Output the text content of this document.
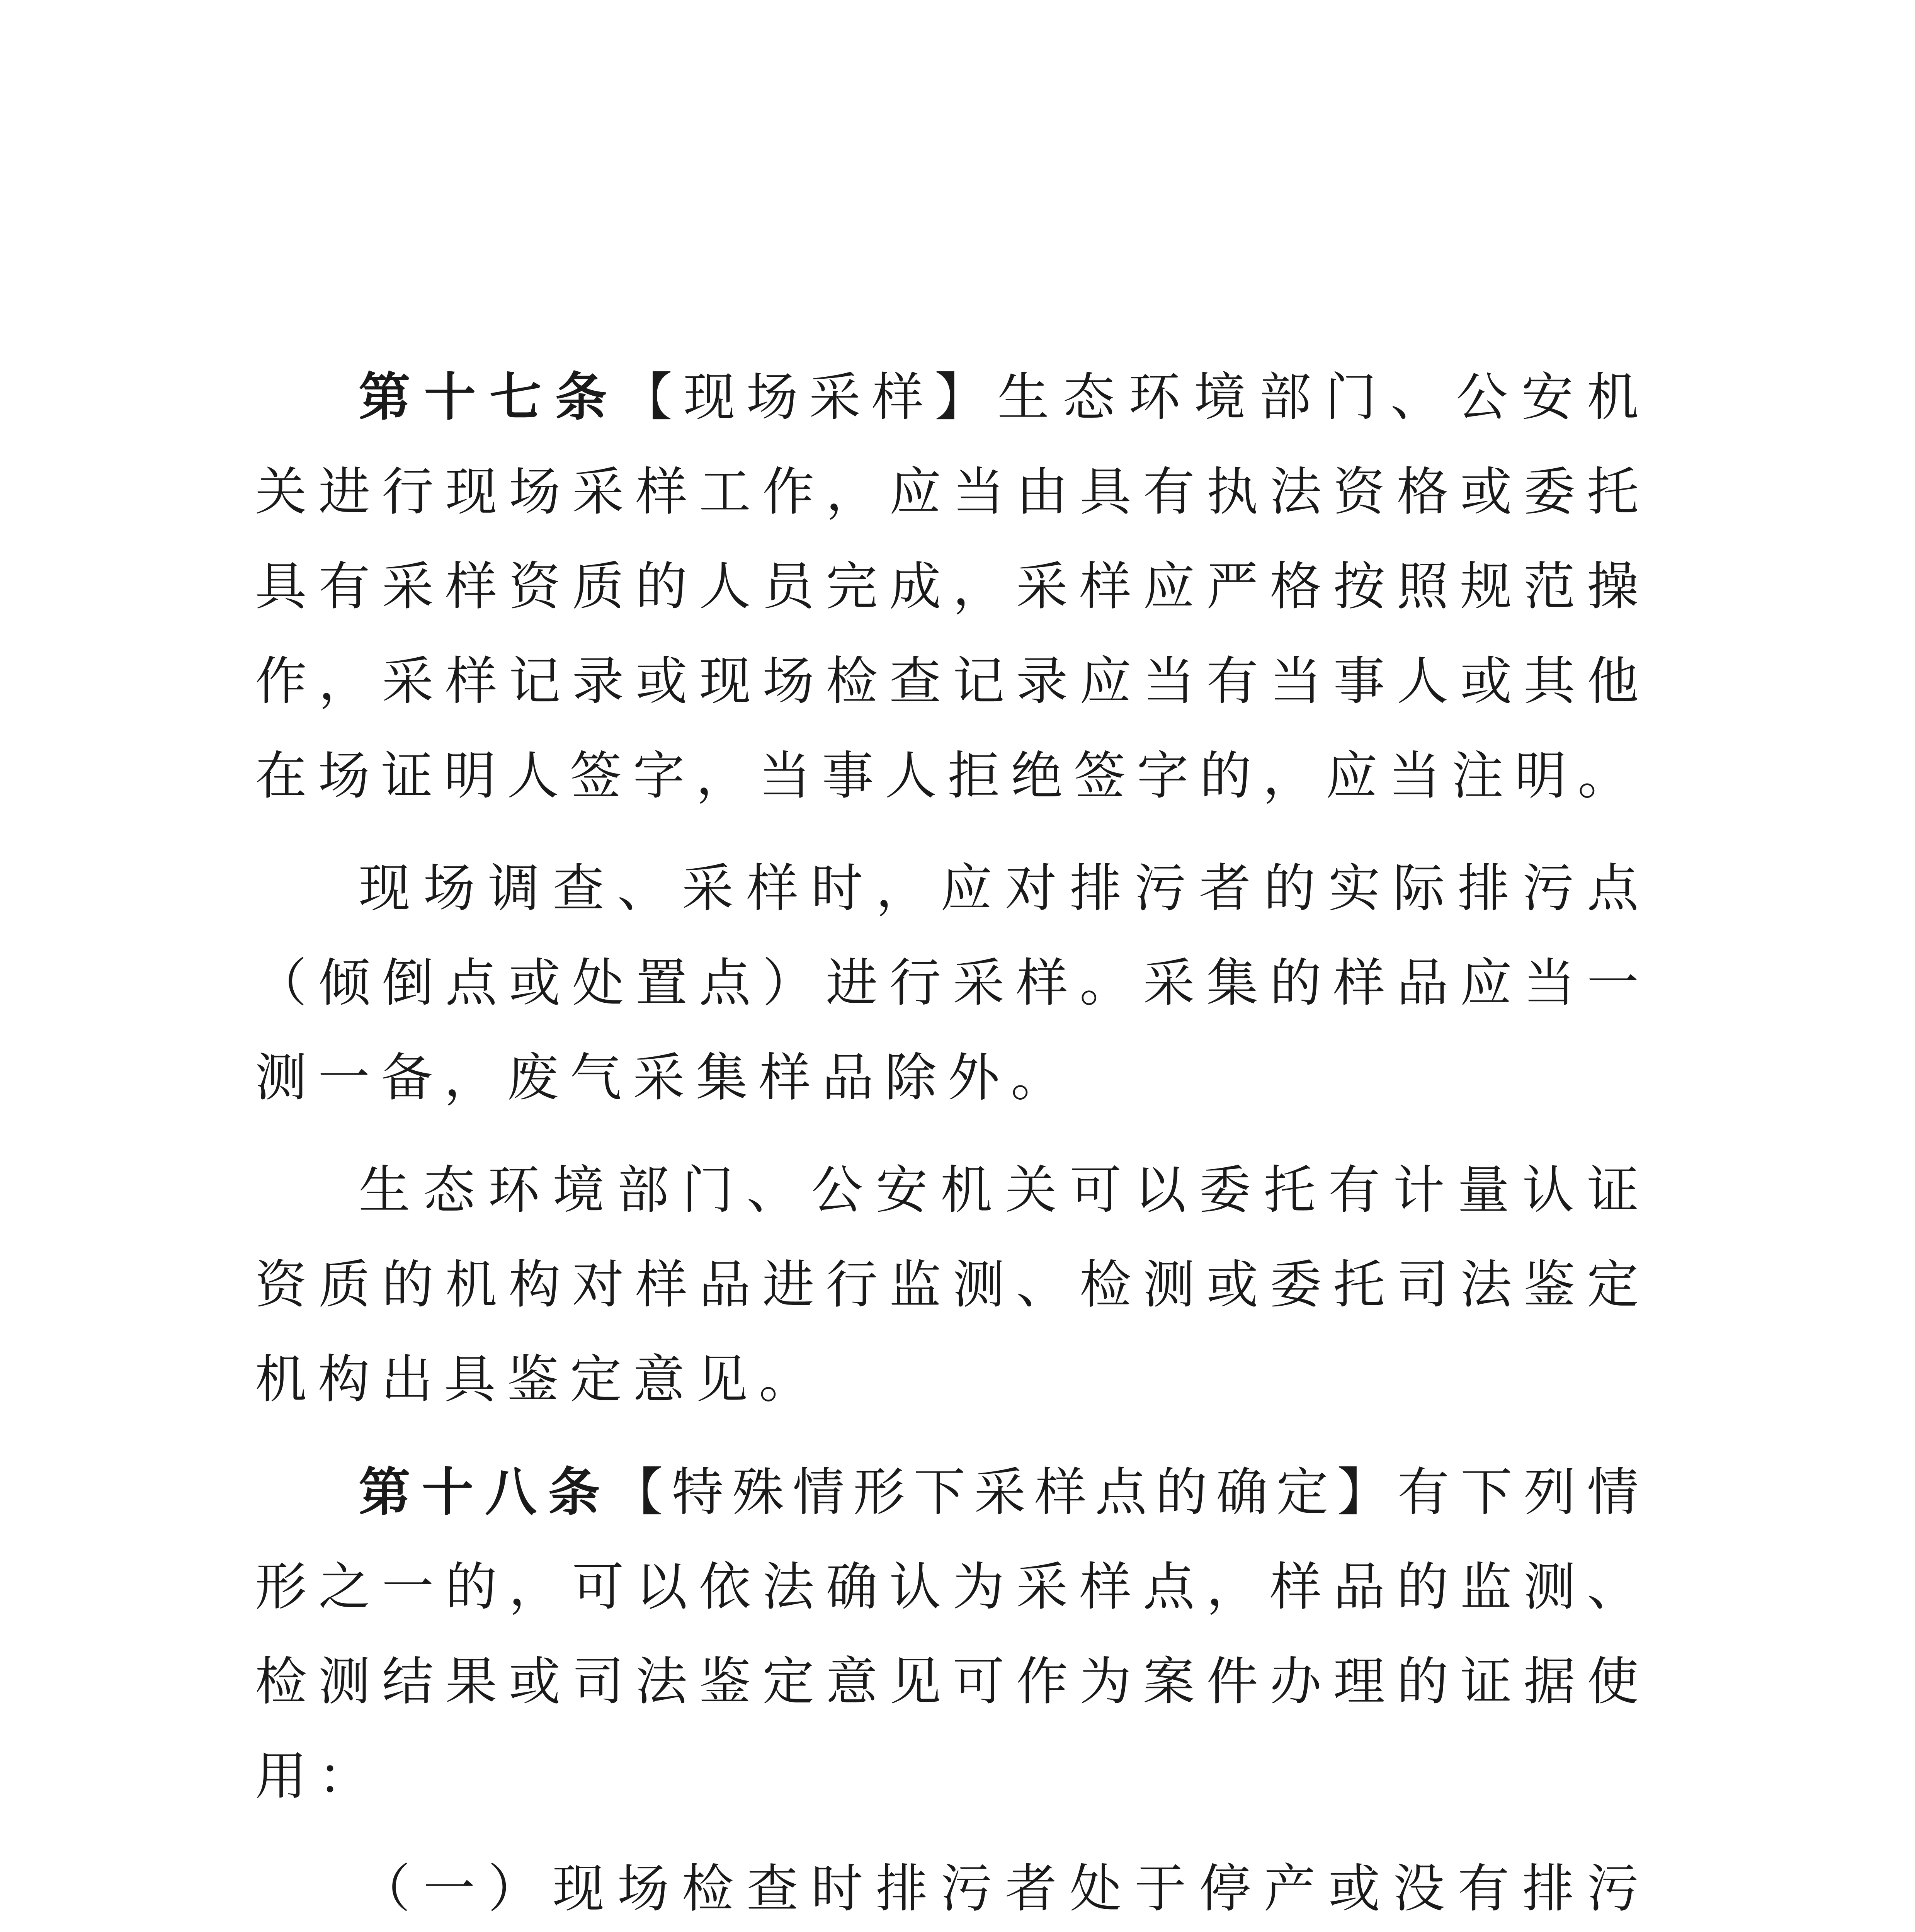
第十七条【现场采样】生态环境部门、公安机关进行现场采样工作，应当由具有执法资格或委托具有采样资质的人员完成，采样应严格按照规范操作，采样记录或现场检查记录应当有当事人或其他在场证明人签字，当事人拒绝签字的，应当注明。

现场调查、采样时，应对排污者的实际排污点（倾倒点或处置点）进行采样。采集的样品应当一测一备，废气采集样品除外。

生态环境部门、公安机关可以委托有计量认证资质的机构对样品进行监测、检测或委托司法鉴定机构出具鉴定意见。

第十八条【特殊情形下采样点的确定】有下列情形之一的，可以依法确认为采样点，样品的监测、检测结果或司法鉴定意见可作为案件办理的证据使用：

（一）现场检查时排污者处于停产或没有排污
